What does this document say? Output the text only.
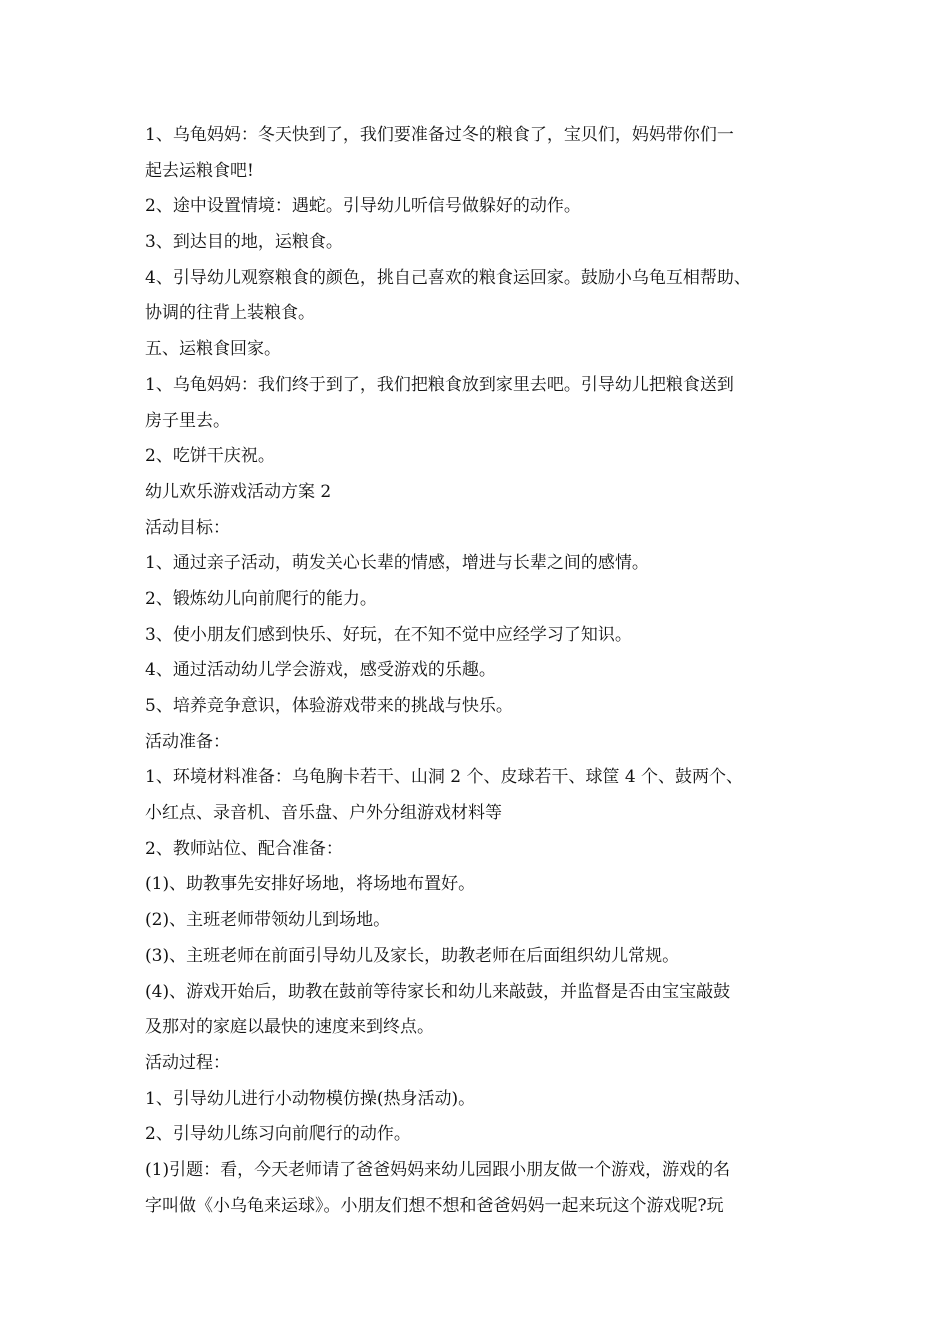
1、乌龟妈妈：冬天快到了，我们要准备过冬的粮食了，宝贝们，妈妈带你们一
起去运粮食吧!
2、途中设置情境：遇蛇。引导幼儿听信号做躲好的动作。
3、到达目的地，运粮食。
4、引导幼儿观察粮食的颜色，挑自己喜欢的粮食运回家。鼓励小乌龟互相帮助、
协调的往背上装粮食。
五、运粮食回家。
1、乌龟妈妈：我们终于到了，我们把粮食放到家里去吧。引导幼儿把粮食送到
房子里去。
2、吃饼干庆祝。
幼儿欢乐游戏活动方案 2
活动目标：
1、通过亲子活动，萌发关心长辈的情感，增进与长辈之间的感情。
2、锻炼幼儿向前爬行的能力。
3、使小朋友们感到快乐、好玩，在不知不觉中应经学习了知识。
4、通过活动幼儿学会游戏，感受游戏的乐趣。
5、培养竞争意识，体验游戏带来的挑战与快乐。
活动准备：
1、环境材料准备：乌龟胸卡若干、山洞 2 个、皮球若干、球筐 4 个、鼓两个、
小红点、录音机、音乐盘、户外分组游戏材料等
2、教师站位、配合准备：
(1)、助教事先安排好场地，将场地布置好。
(2)、主班老师带领幼儿到场地。
(3)、主班老师在前面引导幼儿及家长，助教老师在后面组织幼儿常规。
(4)、游戏开始后，助教在鼓前等待家长和幼儿来敲鼓，并监督是否由宝宝敲鼓
及那对的家庭以最快的速度来到终点。
活动过程：
1、引导幼儿进行小动物模仿操(热身活动)。
2、引导幼儿练习向前爬行的动作。
(1)引题：看，今天老师请了爸爸妈妈来幼儿园跟小朋友做一个游戏，游戏的名
字叫做《小乌龟来运球》。小朋友们想不想和爸爸妈妈一起来玩这个游戏呢?玩
